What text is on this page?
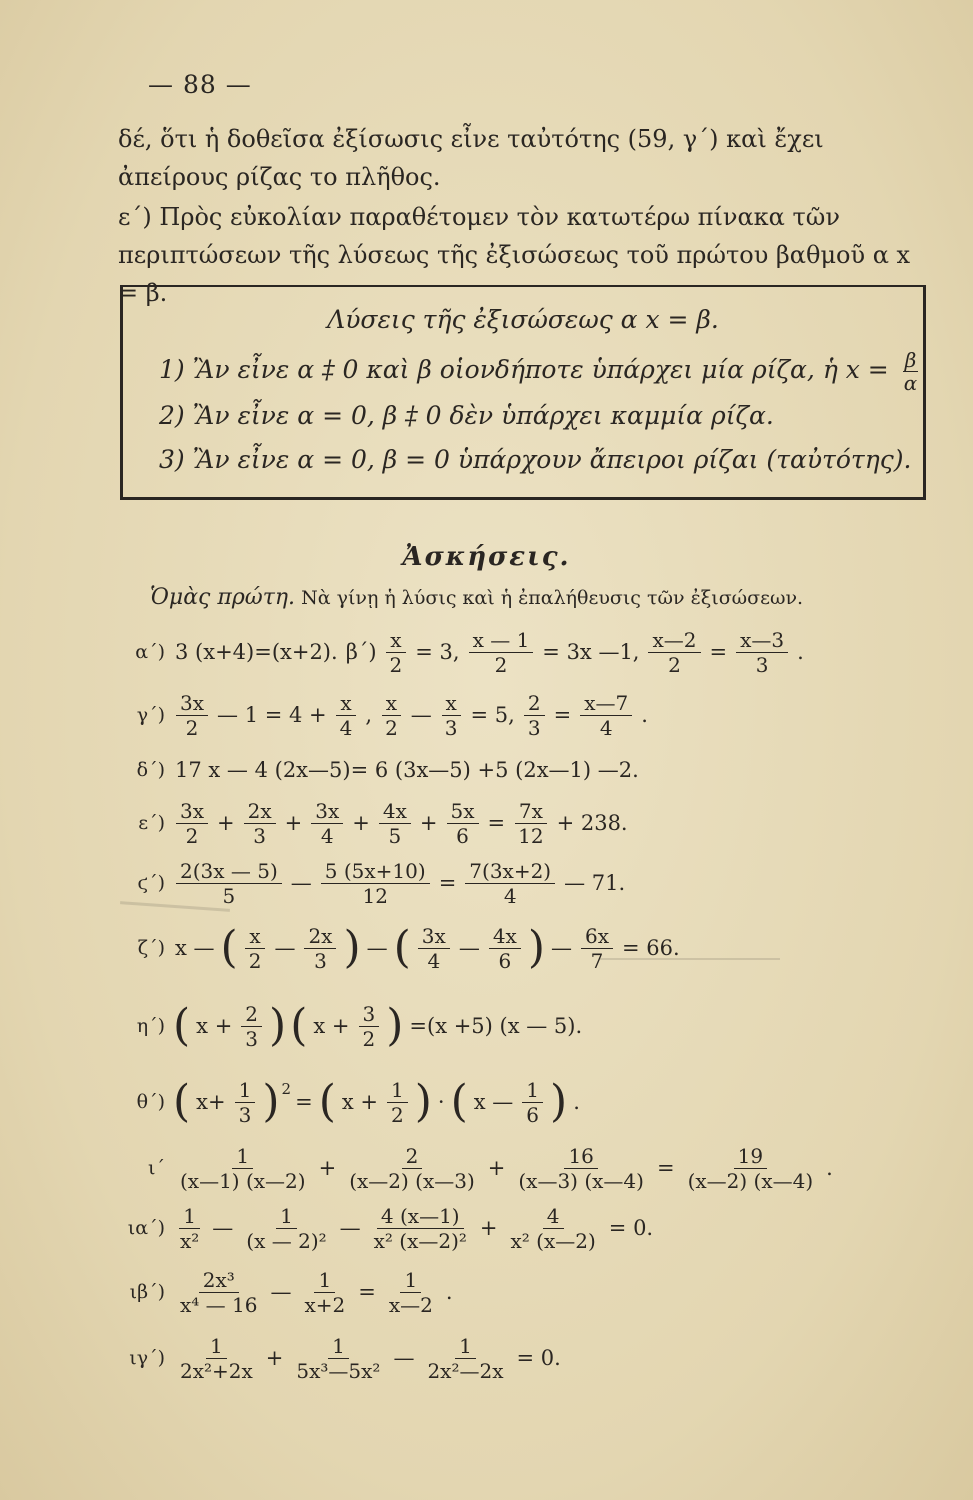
— 88 —
δέ, ὅτι ἡ δοθεῖσα ἐξίσωσις εἶνε ταὐτότης (59, γ΄) καὶ ἔχει ἀπείρους ρίζας το πλῆθος.
ε΄) Πρὸς εὐκολίαν παραθέτομεν τὸν κατωτέρω πίνακα τῶν περιπτώσεων τῆς λύσεως τῆς ἐξισώσεως τοῦ πρώτου βαθμοῦ α x = β.
Λύσεις τῆς ἐξισώσεως α x = β.
1) Ἂν εἶνε α ‡ 0 καὶ β οἱονδήποτε ὑπάρχει μία ρίζα, ἡ $x = \frac{\beta}{\alpha}$
2) Ἂν εἶνε α = 0, β ‡ 0 δὲν ὑπάρχει καμμία ρίζα.
3) Ἂν εἶνε α = 0, β = 0 ὑπάρχουν ἄπειροι ρίζαι (ταὐτότης).
Ἀσκήσεις.
Ὁμὰς πρώτη. Νὰ γίνῃ ἡ λύσις καὶ ἡ ἐπαλήθευσις τῶν ἐξισώσεων.
α΄) 3 (x+4)=(x+2). $\beta΄) \frac{x}{2} = 3$, $\frac{x — 1}{2} = 3x$ —1, $\frac{x—2}{2} = \frac{x—3}{3}$ .
$\gamma΄) \frac{3x}{2}$ — $1 = 4 + \frac{x}{4}$ , $\frac{x}{2}$ — $\frac{x}{3} = 5$, $\frac{2}{3} = \frac{x—7}{4}$ .
δ΄) 17 x — 4 (2x—5)= 6 (3x—5) +5 (2x—1) —2.
$\varepsilon΄) \frac{3x}{2} + \frac{2x}{3} + \frac{3x}{4} + \frac{4x}{5} + \frac{5x}{6} = \frac{7x}{12} + 238$.
$ϛ΄) \frac{2(3x — 5)}{5}$ — $\frac{5 (5x+10)}{12} = \frac{7(3x+2)}{4}$ — 71.
ζ΄) x — ( $\frac{x}{2}$ — $\frac{2x}{3}$ ) — ( $\frac{3x}{4}$ — $\frac{4x}{6}$ ) — $\frac{6x}{7} = 66$.
η΄) ( $x + \frac{2}{3}$ ) ( $x + \frac{3}{2}$ ) =(x +5) (x — 5).
θ΄) ( $x+ \frac{1}{3} )^2$
= ( $x + \frac{1}{2}$ ) · ( x — $\frac{1}{6}$ ) .
$\iota΄ \frac{1}{(x—1) (x—2)} + \frac{2}{(x—2) (x—3)} + \frac{16}{(x—3) (x—4)} = \frac{19}{(x—2) (x—4)}$ .
$\iota\alpha΄) \frac{1}{\text{x²}}$ — $\frac{1}{\text{(x — 2)²}}$ — $\frac{4 (x—1)}{\text{x² (x—2)²}} + \frac{4}{\text{x² (x—2)}} = 0$.
$\iota\beta΄) \frac{\text{2x³}}{\text{x⁴ — 16}}$ — $\frac{1}{x+2} = \frac{1}{x—2}$ .
$\iota\gamma΄) \frac{1}{\text{2x²+2x}} + \frac{1}{\text{5x³—5x²}}$ — $\frac{1}{\text{2x²—2x}} = 0$.
